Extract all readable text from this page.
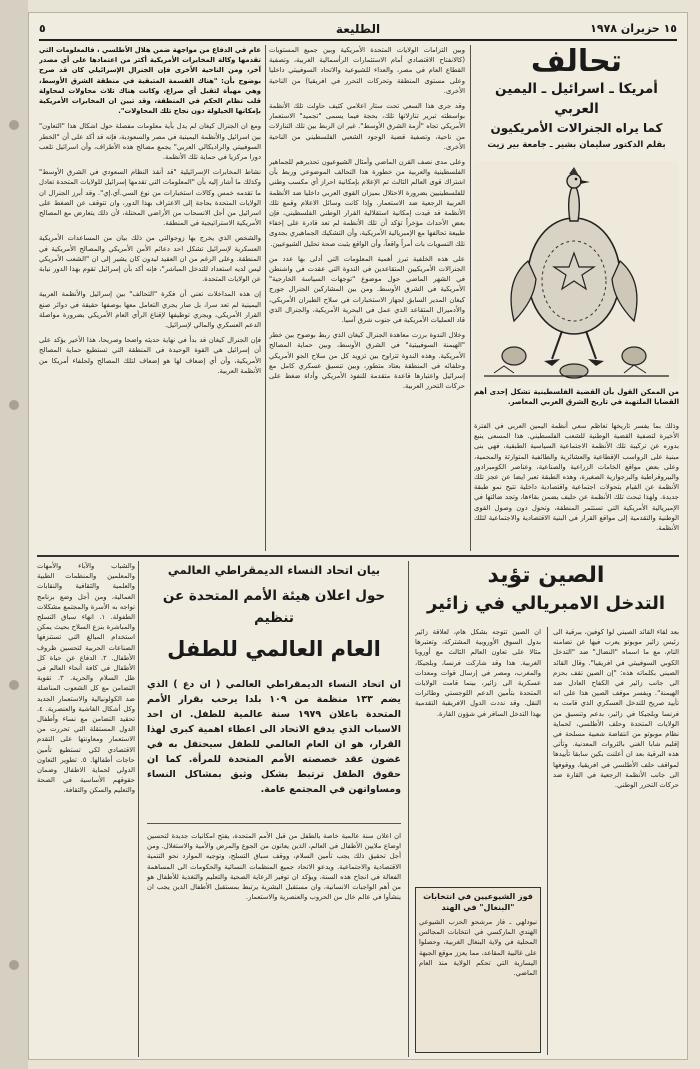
١٥ حزيران ١٩٧٨
الطليعة
٥
تحالف
أمريكا ـ اسرائيل ـ اليمين العربي
كما يراه الجنرالات الأمريكيون
بقلم الدكتور سليمان بشير ـ جامعة بير زيت
من الممكن القول بأن القضية الفلسطينية تشكل إحدى أهم القضايا الملتهبة في تاريخ الشرق العربي المعاصر.
وذلك بما يفسر تاريخها تعاظم سعي أنظمة اليمين العربي في الفترة الأخيرة لتصفية القضية الوطنية للشعب الفلسطيني. هذا المسعى ينبع بدوره عن تركيبة تلك الأنظمة الاجتماعية السياسية الطبقية، فهي بنى مبنية على الرواسب الإقطاعية والعشائرية والطائفية المتوارثة والمحمية، وعلى بعض مواقع الخامات الزراعية والصناعية، وعناصر الكومبرادور والبيروقراطية والبرجوازية الصغيرة، وهذه الطبقة تعبر ايضا عن عجز تلك الأنظمة عن القيام بتحولات اجتماعية واقتصادية داخلية تتيح نمو طبقة جديدة. ولهذا تبحث تلك الأنظمة عن حليف يضمن بقاءها، وتجد ضالتها في الإمبريالية الأمريكية التي تستثمر المنطقة، وتحول دون وصول القوى الوطنية والتقدمية إلى مواقع القرار في البنية الاقتصادية والاجتماعية لتلك الأنظمة.

وبين التزامات الولايات المتحدة الأمريكية وبين جميع المستويات (كالانفتاح الاقتصادي أمام الاستثمارات الرأسمالية الغربية، وتصفية القطاع العام في مصر، والعداء للشيوعية والاتحاد السوفييتي داخليا وعلى مستوى المنطقة وتحركات التحرر في افريقيا) من الناحية الأخرى.

وقد جرى هذا السعي تحت ستار اعلامي كثيف حاولت تلك الأنظمة بواسطته تبرير تنازلاتها تلك، بحجة فيما يسمى "تجميد" الاستعمار الأمريكي تجاه "أزمة الشرق الأوسط". غير ان الربط بين تلك التنازلات من ناحية، وتصفية قضية الوجود الشعبي الفلسطيني من الناحية الأخرى.

وعلى مدى نصف القرن الماضي وأمثال الشيوعيون تحذيرهم للجماهير الفلسطينية والعربية من خطورة هذا التحالف الموضوعي وربط بأن اشتراك قوى العالم الثالث ثم الإعلام بإمكانية احراز أي مكسب وطني للفلسطينيين بضرورة الاحتلال بميزان القوى العربي داخليا ضد الأنظمة العربية الرجعية ضد الاستعمار. وإذا كانت وسائل الاعلام وقمع تلك الأنظمة قد قيدت إمكانية استقلالية القرار الوطني الفلسطيني، فإن بعض الأحداث مؤخراً تؤكد أن تلك الأنظمة لم تعد قادرة على إخفاء طبيعة تحالفها مع الإمبريالية الأمريكية، وأن التشكيك الجماهيري بجدوى تلك التسويات بات أمراً واقعاً، وأن الواقع يثبت صحة تحليل الشيوعيين.

على هذه الخلفية تبرز أهمية المعلومات التي أدلى بها عدد من الجنرالات الأمريكيين المتقاعدين في الندوة التي عقدت في واشنطن في الشهر الماضي حول موضوع "توجهات السياسة الخارجية" الأمريكية في الشرق الأوسط. ومن بين المشاركين الجنرال جورج كيغان المدير السابق لجهاز الاستخبارات في سلاح الطيران الأمريكي، والأدميرال المتقاعد الذي عمل في البحرية الأمريكية، والجنرال الذي قاد العمليات الأمريكية في جنوب شرق آسيا.

وخلال الندوة برزت معاهدة الجنرال كيغان الذي ربط بوضوح بين خطر "الهيمنة السوفييتية" في الشرق الأوسط، وبين حماية المصالح الأمريكية. وهذه الندوة تتراوح بين تزويد كل من سلاح الجو الأمريكي وحلفائه في المنطقة بعتاد متطور، وبين تنسيق عسكري كامل مع إسرائيل واعتبارها قاعدة متقدمة للنفوذ الأمريكي وأداة ضغط على حركات التحرر العربية.

عام في الدفاع من مواجهة ضمن هلال الأطلسي ، فالمعلومات التي تقدمها وكالة المخابرات الأمريكية أكثر من اعتمادها على أي مصدر آخر، ومن الناحية الأخرى فإن الجنرال الإسرائيلي كان قد صرح بوضوح بأن: "هناك القسمة المتبقية في منطقة الشرق الأوسط، وهي مهيأة لتقبل أي صراع، وكانت هناك ثلاث محاولات لمحاولة قلب نظام الحكم في المنطقة، وقد تبين ان المخابرات الأمريكية بإمكانها الحيلولة دون نجاح تلك المحاولات".

ومع ان الجنرال كيغان لم يدل بأية معلومات مفصلة حول اشكال هذا "التعاون" بين اسرائيل والأنظمة اليمينية في مصر والسعودية، فإنه قد أكد على أن "الخطر السوفييتي والراديكالي العربي" يجمع مصالح هذه الأطراف، وأن اسرائيل تلعب دورا مركزيا في حماية تلك الأنظمة.

نشاط المخابرات الإسرائيلية "قد أنقذ النظام السعودي في الشرق الأوسط" وكذلك ما أشار إليه بأن "المعلومات التي تقدمها إسرائيل للولايات المتحدة تعادل ما تقدمه خمس وكالات استخبارات من نوع السي.آي.إي". وقد أبرز الجنرال ان الولايات المتحدة بحاجة إلى الاعتراف بهذا الدور، وان تتوقف عن الضغط على اسرائيل من أجل الانسحاب من الأراضي المحتلة، لأن ذلك يتعارض مع المصالح الأمريكية الاستراتيجية في المنطقة.

والشخص الذي يخرج بها زوجوالتي من ذلك بيان من المساعدات الأمريكية العسكرية لإسرائيل تشكل احد دعائم الأمن الأمريكي والمصالح الأمريكية في المنطقة. وعلى الرغم من ان العقيد ليدون كان يشير إلى ان "الشعب الأمريكي ليس لديه استعداد للتدخل المباشر"، فإنه أكد بأن إسرائيل تقوم بهذا الدور نيابة عن الولايات المتحدة.

إن هذه المداخلات تعني أن فكرة "التحالف" بين إسرائيل والأنظمة العربية اليمينية لم تعد سرا، بل صار يجري التعامل معها بوصفها حقيقة في دوائر صنع القرار الأمريكي، ويجري توظيفها لإقناع الرأي العام الأمريكي بضرورة مواصلة الدعم العسكري والمالي لإسرائيل.

فإن الجنرال كيغان قد بدأ في نهاية حديثه واضحا وصريحا، هذا الأخير يؤكد على أن إسرائيل هي القوة الوحيدة في المنطقة التي تستطيع حماية المصالح الأمريكية، وأن أي إضعاف لها هو إضعاف لتلك المصالح ولحلفاء أمريكا من الأنظمة العربية.

الصين تؤيد
التدخل الامبريالي في زائير
بعد لقاء القائد الصيني لوا كوفين، ببرقية الى رئيس زائير موبوتو يعرب فيها عن تضامنه التام، مع ما اسماه "النضال" ضد "التدخل الكوبي السوفييتي في افريقيا". وقال القائد الصيني بكلماته هذه: "إن الصين تقف بحزم الى جانب زائير في الكفاح العادل ضد الهيمنة". ويفسر موقف الصين هذا على انه تأييد صريح للتدخل العسكري الذي قامت به فرنسا وبلجيكا في زائير، بدعم وتنسيق من الولايات المتحدة وحلف الأطلسي، لحماية نظام موبوتو من انتفاضة شعبية مسلحة في إقليم شابا الغني بالثروات المعدنية. وتأتي هذه البرقية بعد ان أعلنت بكين سابقا تأييدها لمواقف حلف الأطلسي في افريقيا، ووقوفها الى جانب الأنظمة الرجعية في القارة ضد حركات التحرر الوطني.
ان الصين تتوجه بشكل هام، لعلاقة زائير بدول السوق الأوروبية المشتركة، وتعتبرها مثالا على تعاون العالم الثالث مع أوروبا الغربية. هذا وقد شاركت فرنسا، وبلجيكا، والمغرب، ومصر في إرسال قوات ومعدات عسكرية الى زائير، بينما قامت الولايات المتحدة بتأمين الدعم اللوجستي وطائرات النقل. وقد نددت الدول الافريقية التقدمية بهذا التدخل السافر في شؤون القارة.
فوز الشيوعيين في انتخابات "البنغال" في الهند
نيودلهي ـ فاز مرشحو الحزب الشيوعي الهندي الماركسي في انتخابات المجالس المحلية في ولاية البنغال الغربية، وحصلوا على غالبية المقاعد، مما يعزز موقع الجبهة اليسارية التي تحكم الولاية منذ العام الماضي.
بيان اتحاد النساء الديمقراطي العالمي
حول اعلان هيئة الأمم المتحدة عن تنظيم
العام العالمي للطفل
ان اتحاد النساء الديمقراطي العالمي ( ان دع ) الذي يضم ١٣٣ منظمة من ١٠٩ بلدا يرحب بقرار الأمم المتحدة باعلان ١٩٧٩ سنة عالمية للطفل. ان احد الاسباب الذي يدفع الاتحاد الى اعطاء اهمية كبرى لهذا القرار، هو ان العام العالمي للطفل سيحتفل به في غضون عقد خصصته الأمم المتحدة للمرأة. كما ان حقوق الطفل ترتبط بشكل وثيق بمشاكل النساء ومساواتهن في المجتمع عامة.
ان اعلان سنة عالمية خاصة بالطفل من قبل الأمم المتحدة، يفتح امكانيات جديدة لتحسين اوضاع ملايين الأطفال في العالم، الذين يعانون من الجوع والمرض والأمية والاستغلال. ومن أجل تحقيق ذلك يجب تأمين السلام، ووقف سباق التسلح، وتوجيه الموارد نحو التنمية الاقتصادية والاجتماعية. ويدعو الاتحاد جميع المنظمات النسائية والحكومات الى المساهمة الفعالة في انجاح هذه السنة، ويؤكد ان توفير الرعاية الصحية والتعليم والتغذية للأطفال هو من أهم الواجبات الانسانية، وان مستقبل البشرية يرتبط بمستقبل الأطفال الذين يجب ان ينشأوا في عالم خال من الحروب والعنصرية والاستعمار.
والشباب والآباء والأمهات والمعلمين والمنظمات الطبية والعلمية والثقافية والنقابات العمالية، ومن أجل وضع برنامج تواجه به الأسرة والمجتمع مشكلات الطفولة. ١. انهاء سباق التسلح والمباشرة بنزع السلاح بحيث يمكن استخدام المبالغ التي تستنزفها الصناعات الحربية لتحسين ظروف الأطفال. ٢. الدفاع عن حياة كل الأطفال في كافة أنحاء العالم في ظل السلام والحرية. ٣. تقوية التضامن مع كل الشعوب المناضلة ضد الكولونيالية والاستعمار الجديد وكل أشكال الفاشية والعنصرية. ٤. تحقيد التضامن مع نساء وأطفال الدول المستقلة التي تحررت من الاستعمار ومعاونتها على التقدم الاقتصادي لكي تستطيع تأمين حاجات أطفالها. ٥. تطوير التعاون الدولي لحماية الاطفال وضمان حقوقهم الأساسية في الصحة والتعليم والسكن والثقافة.
